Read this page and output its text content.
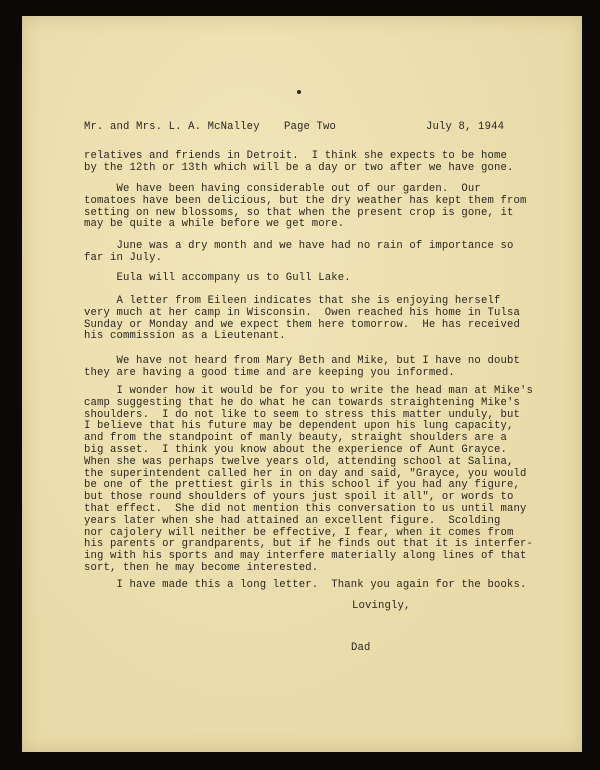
Mr. and Mrs. L. A. McNalley Page Two	July 8, 1944
relatives and friends in Detroit.  I think she expects to be home
by the 12th or 13th which will be a day or two after we have gone.
We have been having considerable out of our garden.  Our
tomatoes have been delicious, but the dry weather has kept them from
setting on new blossoms, so that when the present crop is gone, it
may be quite a while before we get more.
June was a dry month and we have had no rain of importance so
far in July.
Eula will accompany us to Gull Lake.
A letter from Eileen indicates that she is enjoying herself
very much at her camp in Wisconsin.  Owen reached his home in Tulsa
Sunday or Monday and we expect them here tomorrow.  He has received
his commission as a Lieutenant.
We have not heard from Mary Beth and Mike, but I have no doubt
they are having a good time and are keeping you informed.
I wonder how it would be for you to write the head man at Mike's
camp suggesting that he do what he can towards straightening Mike's
shoulders.  I do not like to seem to stress this matter unduly, but
I believe that his future may be dependent upon his lung capacity,
and from the standpoint of manly beauty, straight shoulders are a
big asset.  I think you know about the experience of Aunt Grayce.
When she was perhaps twelve years old, attending school at Salina,
the superintendent called her in on day and said, "Grayce, you would
be one of the prettiest girls in this school if you had any figure,
but those round shoulders of yours just spoil it all", or words to
that effect.  She did not mention this conversation to us until many
years later when she had attained an excellent figure.  Scolding
nor cajolery will neither be effective, I fear, when it comes from
his parents or grandparents, but if he finds out that it is interfer-
ing with his sports and may interfere materially along lines of that
sort, then he may become interested.
I have made this a long letter.  Thank you again for the books.
Lovingly,
Dad
